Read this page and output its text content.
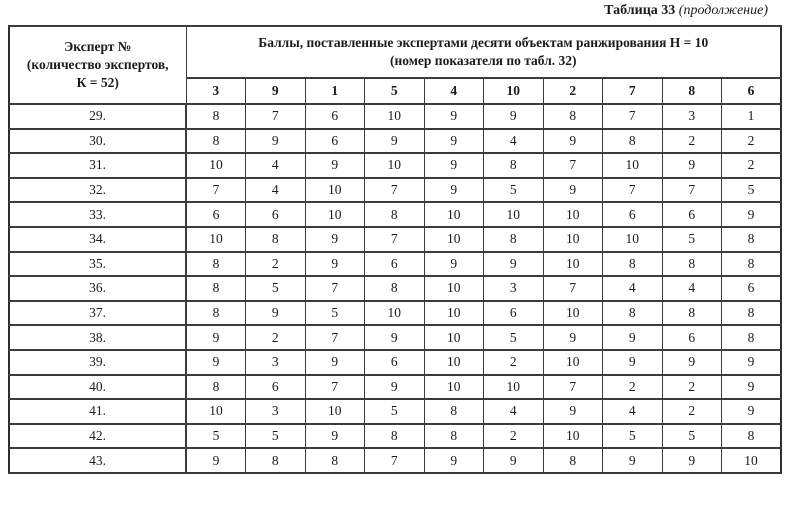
Таблица 33 (продолжение)
Эксперт №
(количество экспертов,
К = 52)

Баллы, поставленные экспертами десяти объектам ранжирования Н = 10
(номер показателя по табл. 32)

	3	9	1	5	4	10	2	7	8	6
29.	8	7	6	10	9	9	8	7	3	1
30.	8	9	6	9	9	4	9	8	2	2
31.	10	4	9	10	9	8	7	10	9	2
32.	7	4	10	7	9	5	9	7	7	5
33.	6	6	10	8	10	10	10	6	6	9
34.	10	8	9	7	10	8	10	10	5	8
35.	8	2	9	6	9	9	10	8	8	8
36.	8	5	7	8	10	3	7	4	4	6
37.	8	9	5	10	10	6	10	8	8	8
38.	9	2	7	9	10	5	9	9	6	8
39.	9	3	9	6	10	2	10	9	9	9
40.	8	6	7	9	10	10	7	2	2	9
41.	10	3	10	5	8	4	9	4	2	9
42.	5	5	9	8	8	2	10	5	5	8
43.	9	8	8	7	9	9	8	9	9	10
